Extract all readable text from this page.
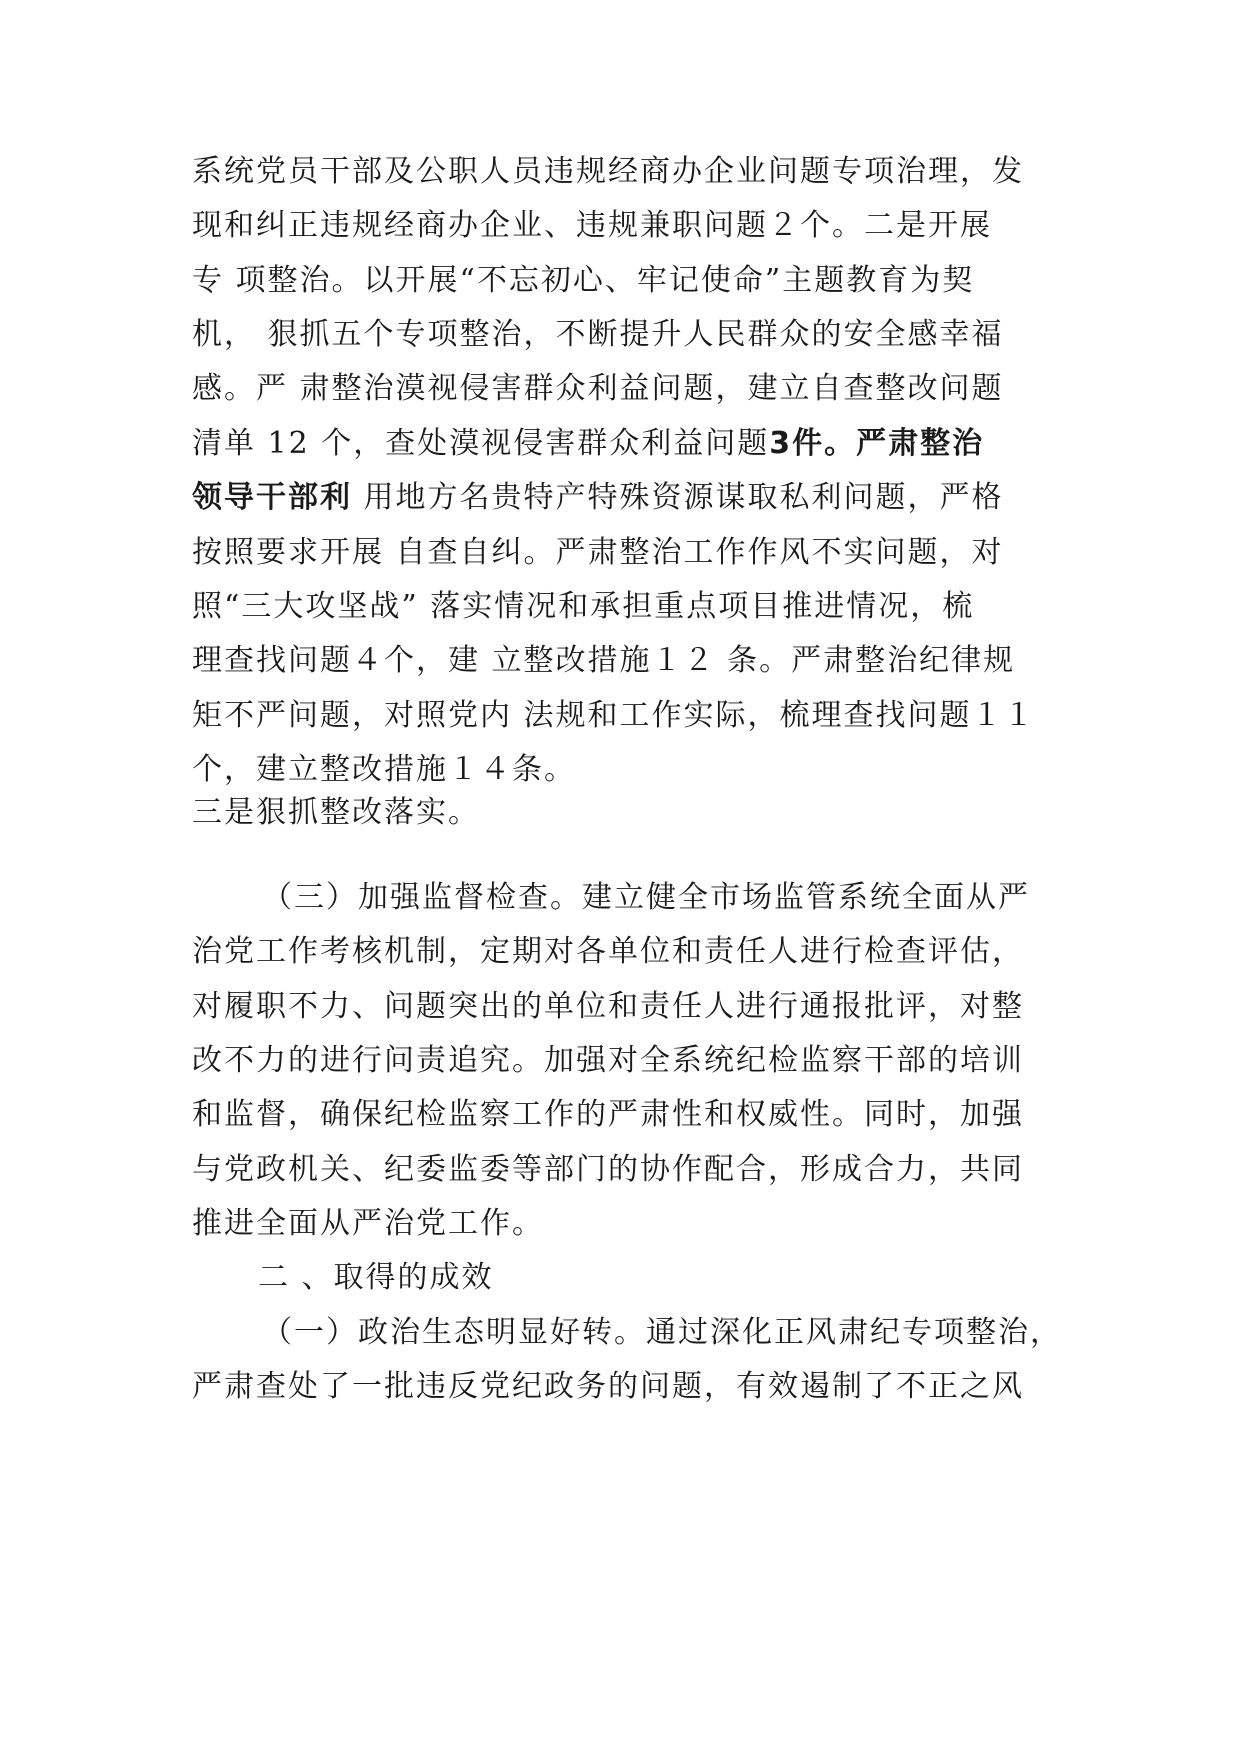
系统党员干部及公职人员违规经商办企业问题专项治理，发
现和纠正违规经商办企业、违规兼职问题２个。二是开展
专 项整治。以开展“不忘初心、牢记使命”主题教育为契
机， 狠抓五个专项整治，不断提升人民群众的安全感幸福
感。严 肃整治漠视侵害群众利益问题，建立自查整改问题
清单 12 个，查处漠视侵害群众利益问题3件。严肃整治
领导干部利 用地方名贵特产特殊资源谋取私利问题，严格
按照要求开展 自查自纠。严肃整治工作作风不实问题，对
照“三大攻坚战” 落实情况和承担重点项目推进情况，梳
理查找问题４个，建 立整改措施１２ 条。严肃整治纪律规
矩不严问题，对照党内 法规和工作实际，梳理查找问题１１
个，建立整改措施１４条。
三是狠抓整改落实。
（三）加强监督检查。建立健全市场监管系统全面从严
治党工作考核机制，定期对各单位和责任人进行检查评估，
对履职不力、问题突出的单位和责任人进行通报批评，对整
改不力的进行问责追究。加强对全系统纪检监察干部的培训
和监督，确保纪检监察工作的严肃性和权威性。同时，加强
与党政机关、纪委监委等部门的协作配合，形成合力，共同
推进全面从严治党工作。
二 、取得的成效
（一）政治生态明显好转。通过深化正风肃纪专项整治，
严肃查处了一批违反党纪政务的问题，有效遏制了不正之风
